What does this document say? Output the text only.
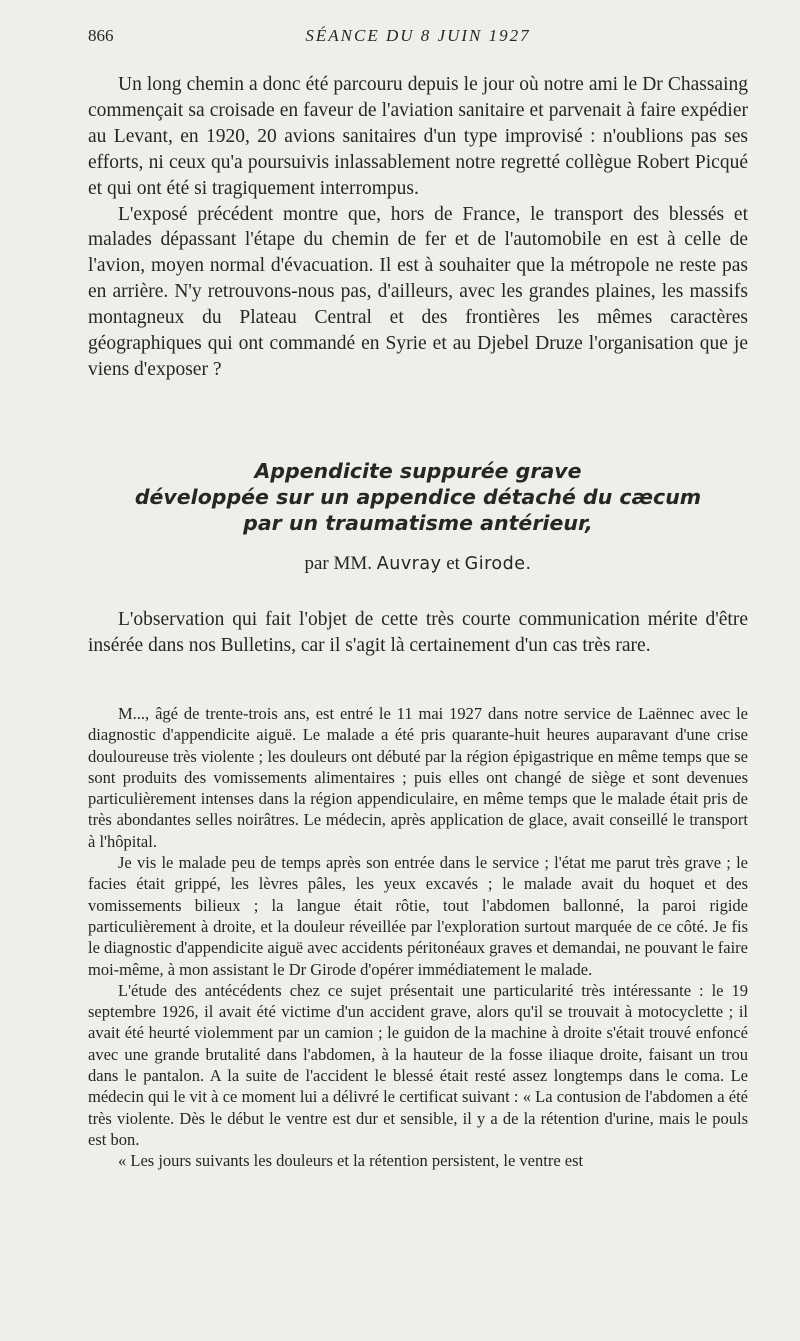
866	SÉANCE DU 8 JUIN 1927

Un long chemin a donc été parcouru depuis le jour où notre ami le Dr Chassaing commençait sa croisade en faveur de l'aviation sanitaire et parvenait à faire expédier au Levant, en 1920, 20 avions sanitaires d'un type improvisé : n'oublions pas ses efforts, ni ceux qu'a poursuivis inlassablement notre regretté collègue Robert Picqué et qui ont été si tragiquement interrompus.

L'exposé précédent montre que, hors de France, le transport des blessés et malades dépassant l'étape du chemin de fer et de l'automobile en est à celle de l'avion, moyen normal d'évacuation. Il est à souhaiter que la métropole ne reste pas en arrière. N'y retrouvons-nous pas, d'ailleurs, avec les grandes plaines, les massifs montagneux du Plateau Central et des frontières les mêmes caractères géographiques qui ont commandé en Syrie et au Djebel Druze l'organisation que je viens d'exposer ?

Appendicite suppurée grave
développée sur un appendice détaché du cæcum
par un traumatisme antérieur,
par MM. Auvray et Girode.

L'observation qui fait l'objet de cette très courte communication mérite d'être insérée dans nos Bulletins, car il s'agit là certainement d'un cas très rare.

M..., âgé de trente-trois ans, est entré le 11 mai 1927 dans notre service de Laënnec avec le diagnostic d'appendicite aiguë. Le malade a été pris quarante-huit heures auparavant d'une crise douloureuse très violente ; les douleurs ont débuté par la région épigastrique en même temps que se sont produits des vomissements alimentaires ; puis elles ont changé de siège et sont devenues particulièrement intenses dans la région appendiculaire, en même temps que le malade était pris de très abondantes selles noirâtres. Le médecin, après application de glace, avait conseillé le transport à l'hôpital.

Je vis le malade peu de temps après son entrée dans le service ; l'état me parut très grave ; le facies était grippé, les lèvres pâles, les yeux excavés ; le malade avait du hoquet et des vomissements bilieux ; la langue était rôtie, tout l'abdomen ballonné, la paroi rigide particulièrement à droite, et la douleur réveillée par l'exploration surtout marquée de ce côté. Je fis le diagnostic d'appendicite aiguë avec accidents péritonéaux graves et demandai, ne pouvant le faire moi-même, à mon assistant le Dr Girode d'opérer immédiatement le malade.

L'étude des antécédents chez ce sujet présentait une particularité très intéressante : le 19 septembre 1926, il avait été victime d'un accident grave, alors qu'il se trouvait à motocyclette ; il avait été heurté violemment par un camion ; le guidon de la machine à droite s'était trouvé enfoncé avec une grande brutalité dans l'abdomen, à la hauteur de la fosse iliaque droite, faisant un trou dans le pantalon. A la suite de l'accident le blessé était resté assez longtemps dans le coma. Le médecin qui le vit à ce moment lui a délivré le certificat suivant : « La contusion de l'abdomen a été très violente. Dès le début le ventre est dur et sensible, il y a de la rétention d'urine, mais le pouls est bon.

« Les jours suivants les douleurs et la rétention persistent, le ventre est
